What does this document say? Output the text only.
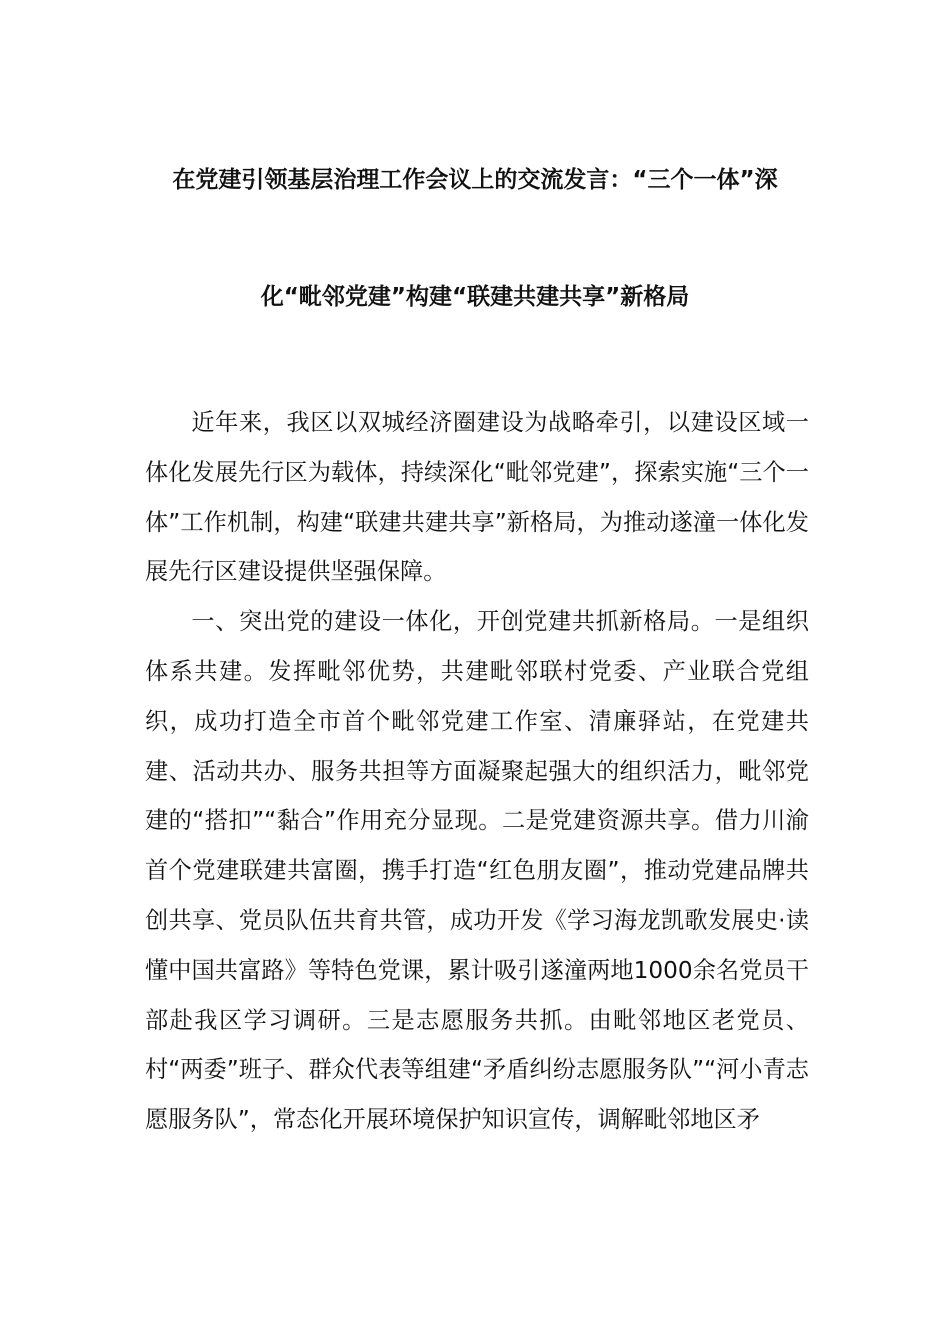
在党建引领基层治理工作会议上的交流发言：“三个一体”深
化“毗邻党建”构建“联建共建共享”新格局

近年来，我区以双城经济圈建设为战略牵引，以建设区域一体化发展先行区为载体，持续深化“毗邻党建”，探索实施“三个一体”工作机制，构建“联建共建共享”新格局，为推动遂潼一体化发展先行区建设提供坚强保障。

一、突出党的建设一体化，开创党建共抓新格局。一是组织体系共建。发挥毗邻优势，共建毗邻联村党委、产业联合党组织，成功打造全市首个毗邻党建工作室、清廉驿站，在党建共建、活动共办、服务共担等方面凝聚起强大的组织活力，毗邻党建的“搭扣”“黏合”作用充分显现。二是党建资源共享。借力川渝首个党建联建共富圈，携手打造“红色朋友圈”，推动党建品牌共创共享、党员队伍共育共管，成功开发《学习海龙凯歌发展史·读懂中国共富路》等特色党课，累计吸引遂潼两地1000余名党员干部赴我区学习调研。三是志愿服务共抓。由毗邻地区老党员、村“两委”班子、群众代表等组建“矛盾纠纷志愿服务队”“河小青志愿服务队”，常态化开展环境保护知识宣传，调解毗邻地区矛
